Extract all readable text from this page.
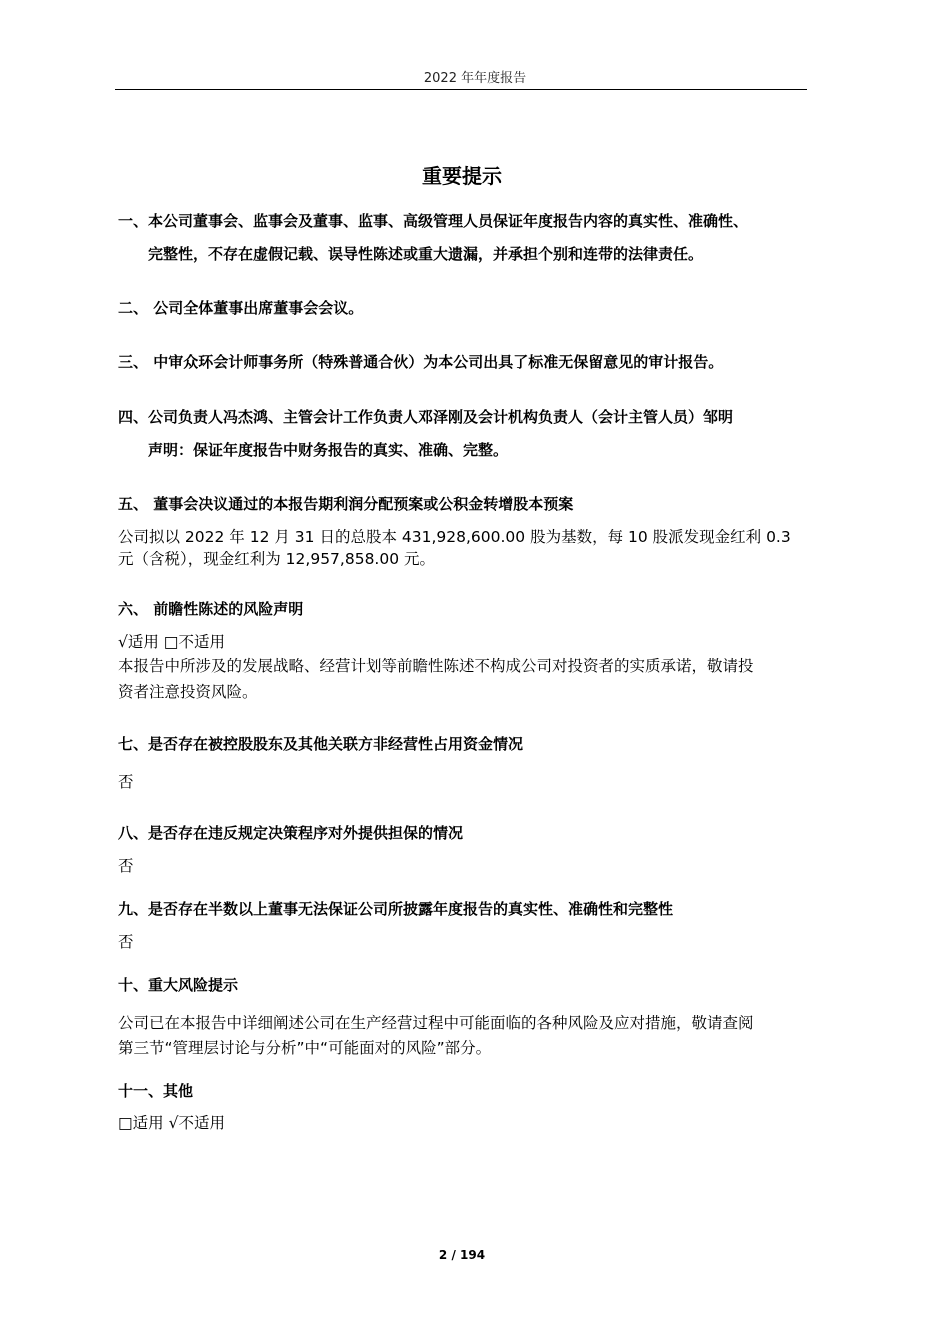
2022 年年度报告
重要提示
一、本公司董事会、监事会及董事、监事、高级管理人员保证年度报告内容的真实性、准确性、
完整性，不存在虚假记载、误导性陈述或重大遗漏，并承担个别和连带的法律责任。
二、 公司全体董事出席董事会会议。
三、 中审众环会计师事务所（特殊普通合伙）为本公司出具了标准无保留意见的审计报告。
四、公司负责人冯杰鸿、主管会计工作负责人邓泽刚及会计机构负责人（会计主管人员）邹明
声明：保证年度报告中财务报告的真实、准确、完整。
五、 董事会决议通过的本报告期利润分配预案或公积金转增股本预案
公司拟以 2022 年 12 月 31 日的总股本 431,928,600.00 股为基数，每 10 股派发现金红利 0.3
元（含税），现金红利为 12,957,858.00 元。
六、 前瞻性陈述的风险声明
√适用 □不适用
本报告中所涉及的发展战略、经营计划等前瞻性陈述不构成公司对投资者的实质承诺，敬请投
资者注意投资风险。
七、是否存在被控股股东及其他关联方非经营性占用资金情况
否
八、是否存在违反规定决策程序对外提供担保的情况
否
九、是否存在半数以上董事无法保证公司所披露年度报告的真实性、准确性和完整性
否
十、重大风险提示
公司已在本报告中详细阐述公司在生产经营过程中可能面临的各种风险及应对措施，敬请查阅
第三节“管理层讨论与分析”中“可能面对的风险”部分。
十一、其他
□适用 √不适用
2 / 194
